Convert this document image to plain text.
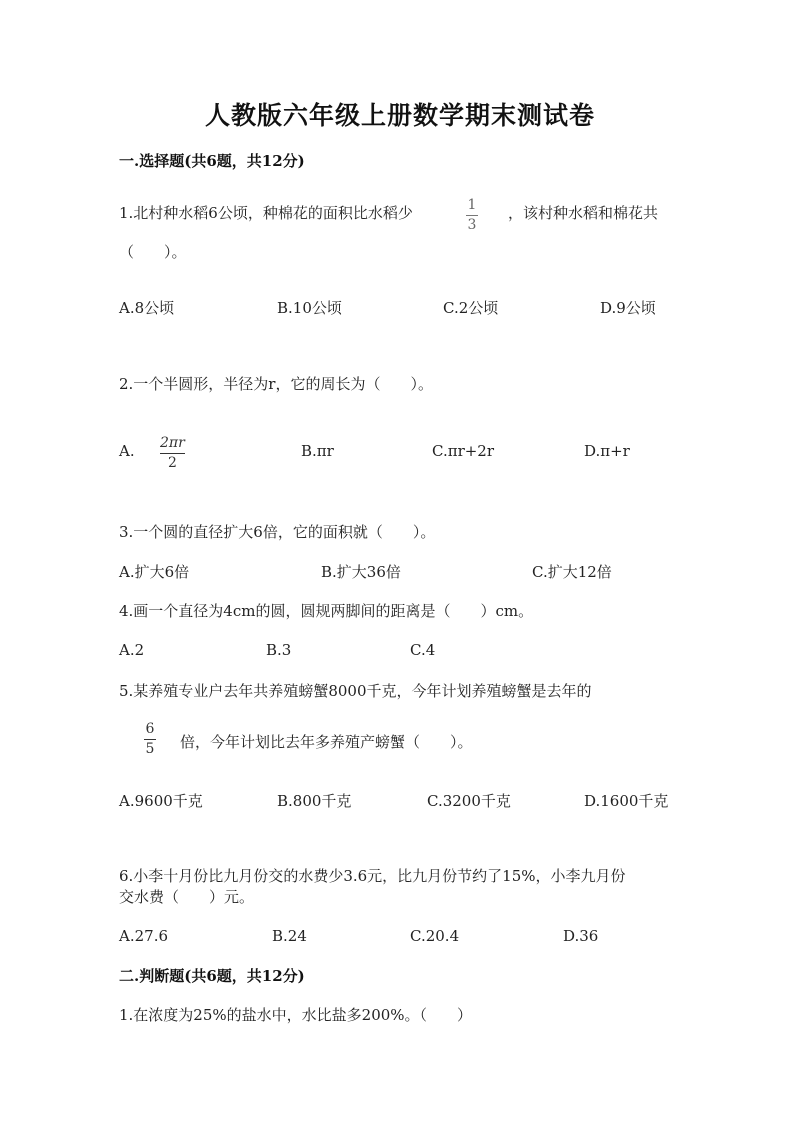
人教版六年级上册数学期末测试卷
一.选择题(共6题，共12分)
1.北村种水稻6公顷，种棉花的面积比水稻少	1
3
，该村种水稻和棉花共
（　　）。
A.8公顷	B.10公顷	C.2公顷	D.9公顷
2.一个半圆形，半径为r，它的周长为（　　）。
A. 2πr
2
B.πr	C.πr+2r	D.π+r
3.一个圆的直径扩大6倍，它的面积就（　　）。
A.扩大6倍	B.扩大36倍	C.扩大12倍
4.画一个直径为4cm的圆，圆规两脚间的距离是（　　）cm。
A.2	B.3	C.4
5.某养殖专业户去年共养殖螃蟹8000千克，今年计划养殖螃蟹是去年的
6
5 倍，今年计划比去年多养殖产螃蟹（　　）。
A.9600千克	B.800千克	C.3200千克	D.1600千克
6.小李十月份比九月份交的水费少3.6元，比九月份节约了15%，小李九月份
交水费（　　）元。
A.27.6	B.24	C.20.4	D.36
二.判断题(共6题，共12分)
1.在浓度为25%的盐水中，水比盐多200%。（　　）
